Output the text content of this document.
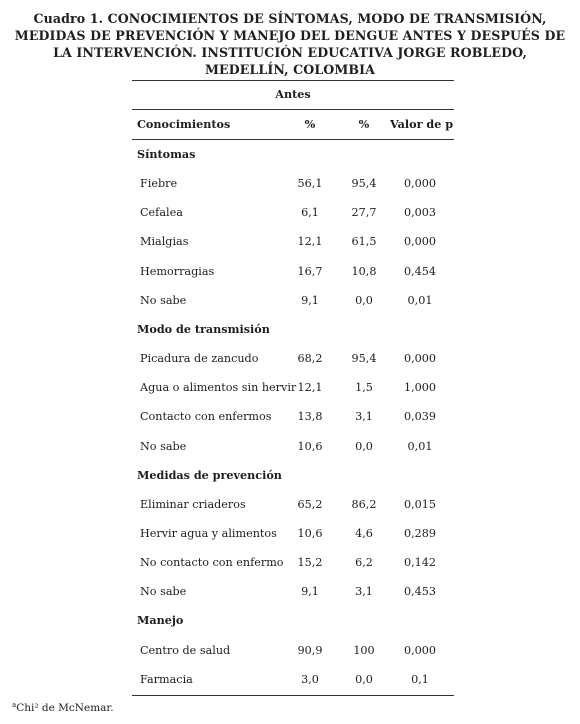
Cuadro 1. CONOCIMIENTOS DE SÍNTOMAS, MODO DE TRANSMISIÓN, MEDIDAS DE PREVENCIÓN Y MANEJO DEL DENGUE ANTES Y DESPUÉS DE LA INTERVENCIÓN. INSTITUCIÓN EDUCATIVA JORGE ROBLEDO, MEDELLÍN, COLOMBIA
Antes
Conocimientos	%	%	Valor de p
Síntomas
Fiebre	56,1	95,4	0,000
Cefalea	6,1	27,7	0,003
Mialgias	12,1	61,5	0,000
Hemorragias	16,7	10,8	0,454
No sabe	9,1	0,0	0,01
Modo de transmisión
Picadura de zancudo	68,2	95,4	0,000
Agua o alimentos sin hervir 12,1	1,5	1,000
Contacto con enfermos	13,8	3,1	0,039
No sabe	10,6	0,0	0,01
Medidas de prevención
Eliminar criaderos	65,2	86,2	0,015
Hervir agua y alimentos	10,6	4,6	0,289
No contacto con enfermo	15,2	6,2	0,142
No sabe	9,1	3,1	0,453
Manejo
Centro de salud	90,9	100	0,000
Farmacia	3,0	0,0	0,1
$^a$Chi² de McNemar.
